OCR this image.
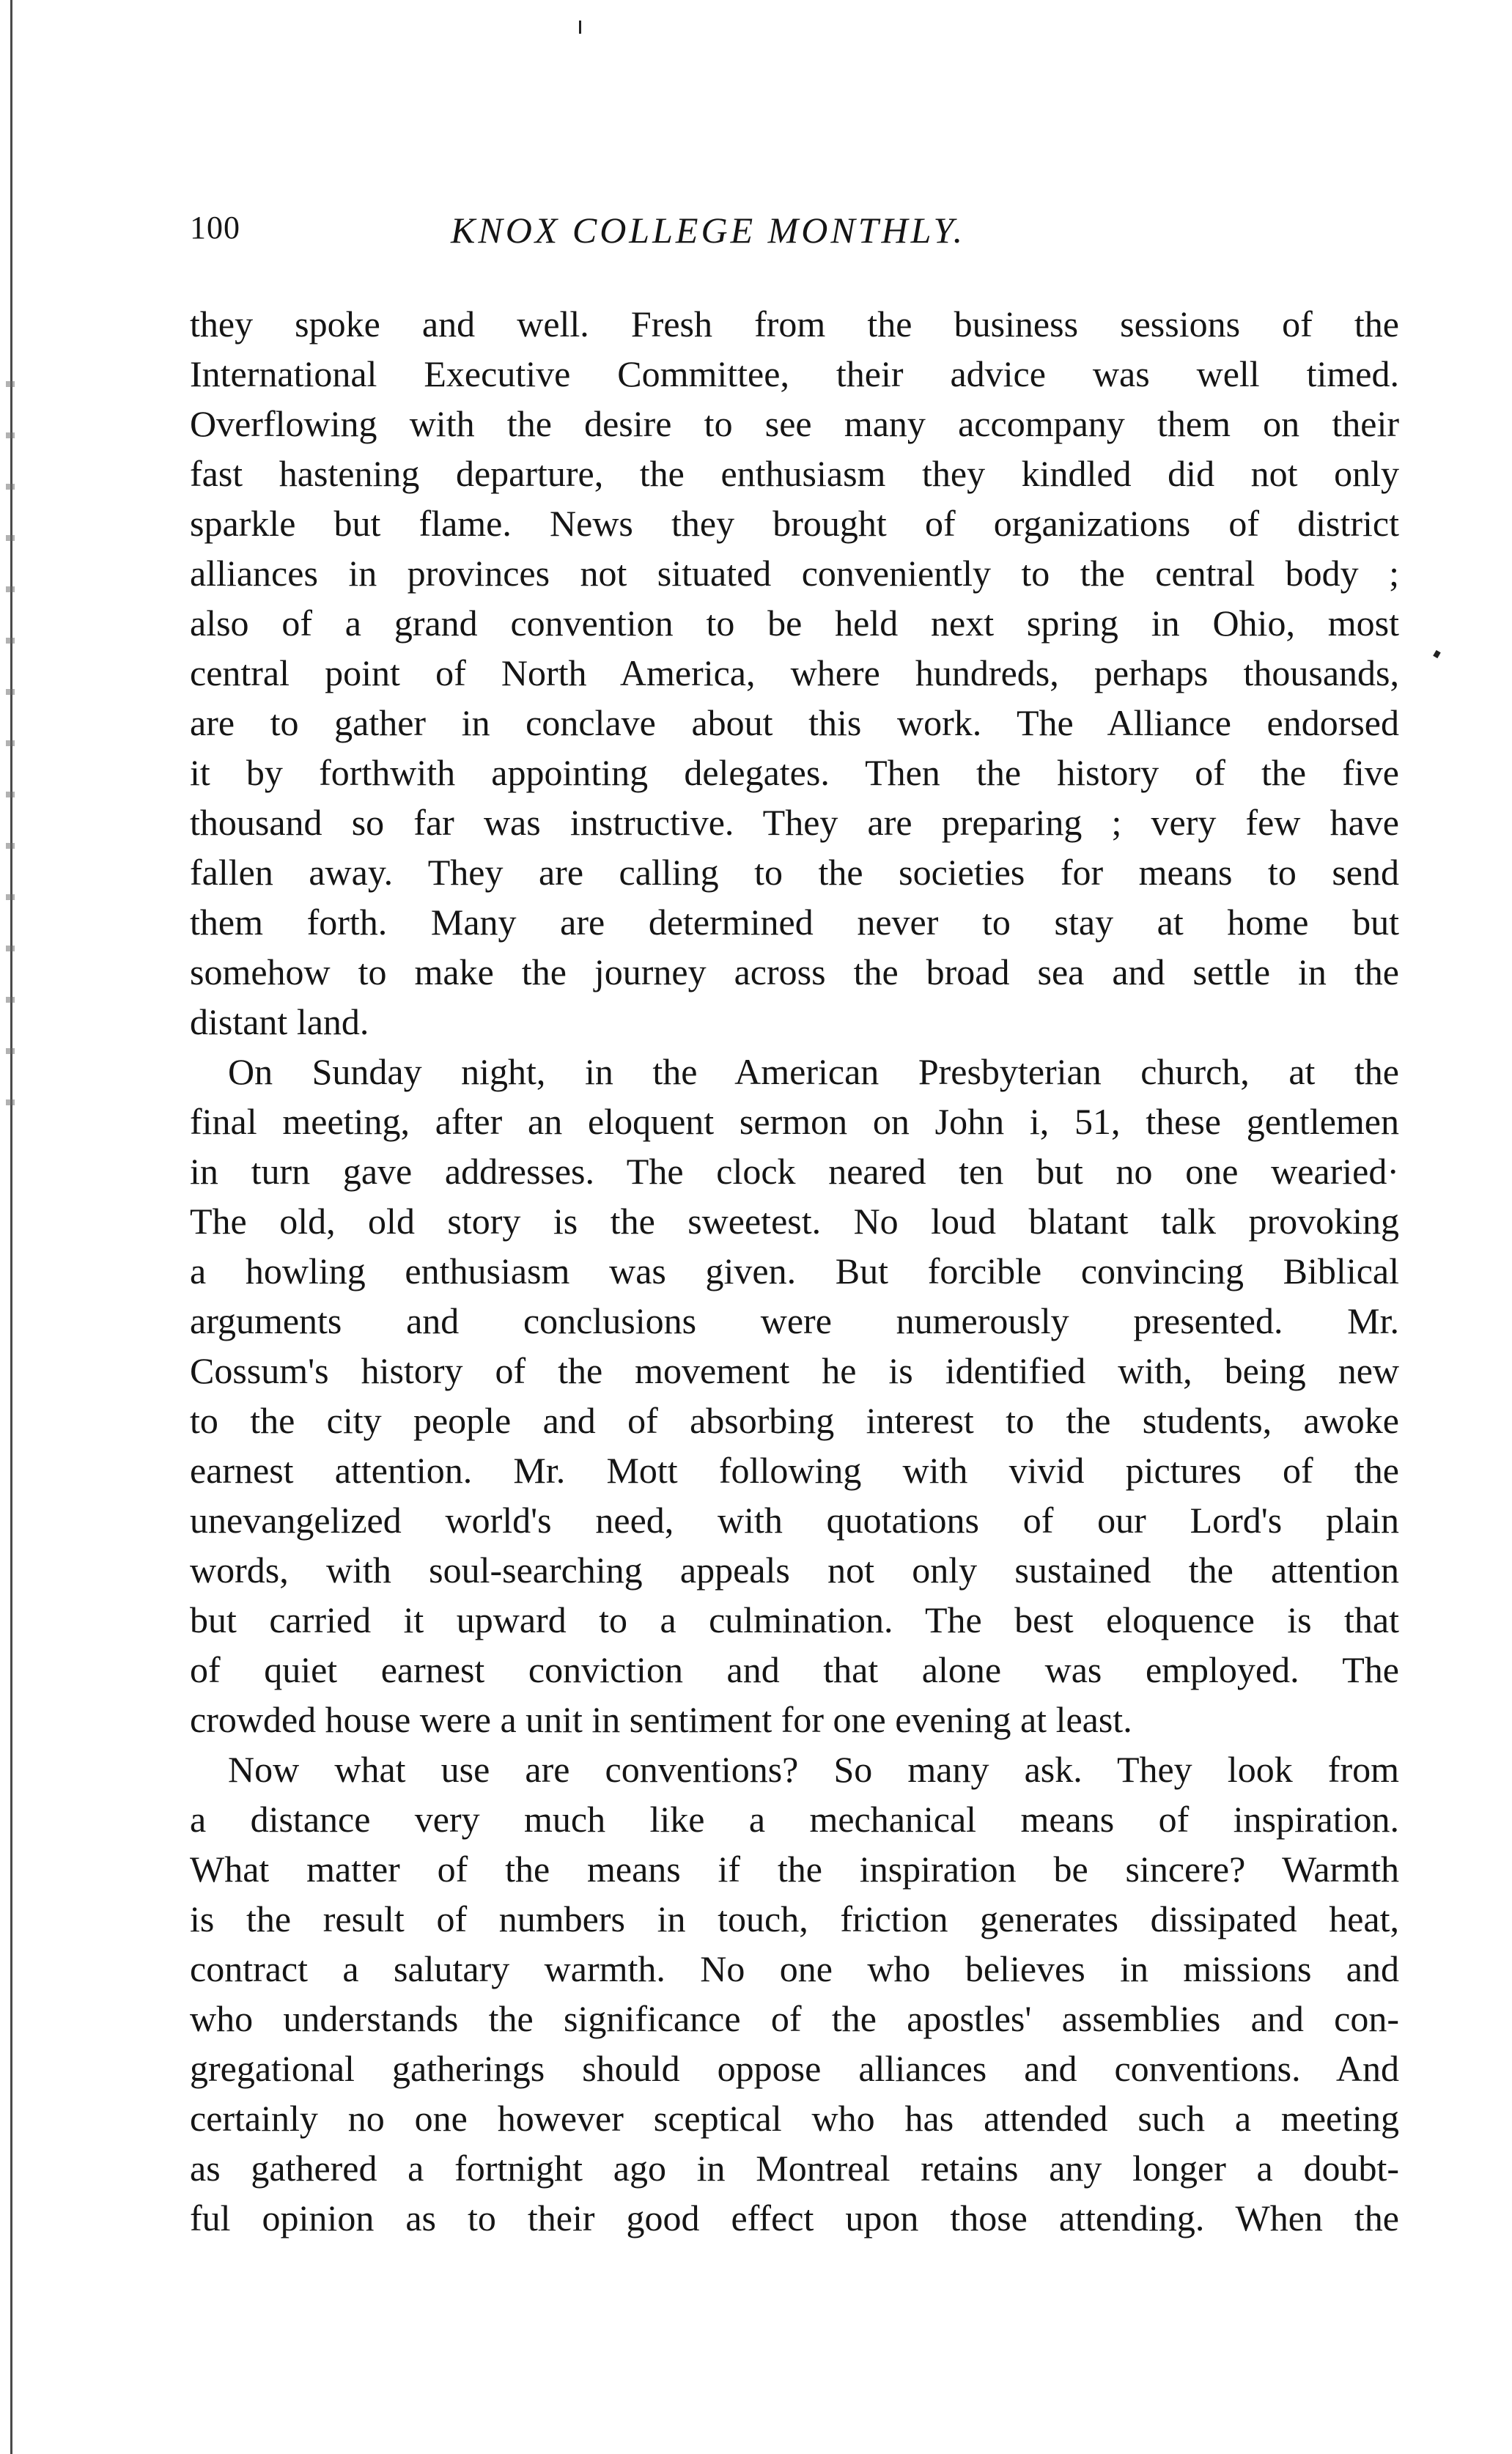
100	KNOX COLLEGE MONTHLY.
they spoke and well. Fresh from the business sessions of the
International Executive Committee, their advice was well timed.
Overflowing with the desire to see many accompany them on their
fast hastening departure, the enthusiasm they kindled did not only
sparkle but flame. News they brought of organizations of district
alliances in provinces not situated conveniently to the central body ;
also of a grand convention to be held next spring in Ohio, most
central point of North America, where hundreds, perhaps thousands,
are to gather in conclave about this work. The Alliance endorsed
it by forthwith appointing delegates. Then the history of the five
thousand so far was instructive. They are preparing ; very few have
fallen away. They are calling to the societies for means to send
them forth. Many are determined never to stay at home but
somehow to make the journey across the broad sea and settle in the
distant land.
On Sunday night, in the American Presbyterian church, at the
final meeting, after an eloquent sermon on John i, 51, these gentlemen
in turn gave addresses. The clock neared ten but no one wearied·
The old, old story is the sweetest. No loud blatant talk provoking
a howling enthusiasm was given. But forcible convincing Biblical
arguments and conclusions were numerously presented. Mr.
Cossum's history of the movement he is identified with, being new
to the city people and of absorbing interest to the students, awoke
earnest attention. Mr. Mott following with vivid pictures of the
unevangelized world's need, with quotations of our Lord's plain
words, with soul-searching appeals not only sustained the attention
but carried it upward to a culmination. The best eloquence is that
of quiet earnest conviction and that alone was employed. The
crowded house were a unit in sentiment for one evening at least.
Now what use are conventions? So many ask. They look from
a distance very much like a mechanical means of inspiration.
What matter of the means if the inspiration be sincere? Warmth
is the result of numbers in touch, friction generates dissipated heat,
contract a salutary warmth. No one who believes in missions and
who understands the significance of the apostles' assemblies and con-
gregational gatherings should oppose alliances and conventions. And
certainly no one however sceptical who has attended such a meeting
as gathered a fortnight ago in Montreal retains any longer a doubt-
ful opinion as to their good effect upon those attending. When the
